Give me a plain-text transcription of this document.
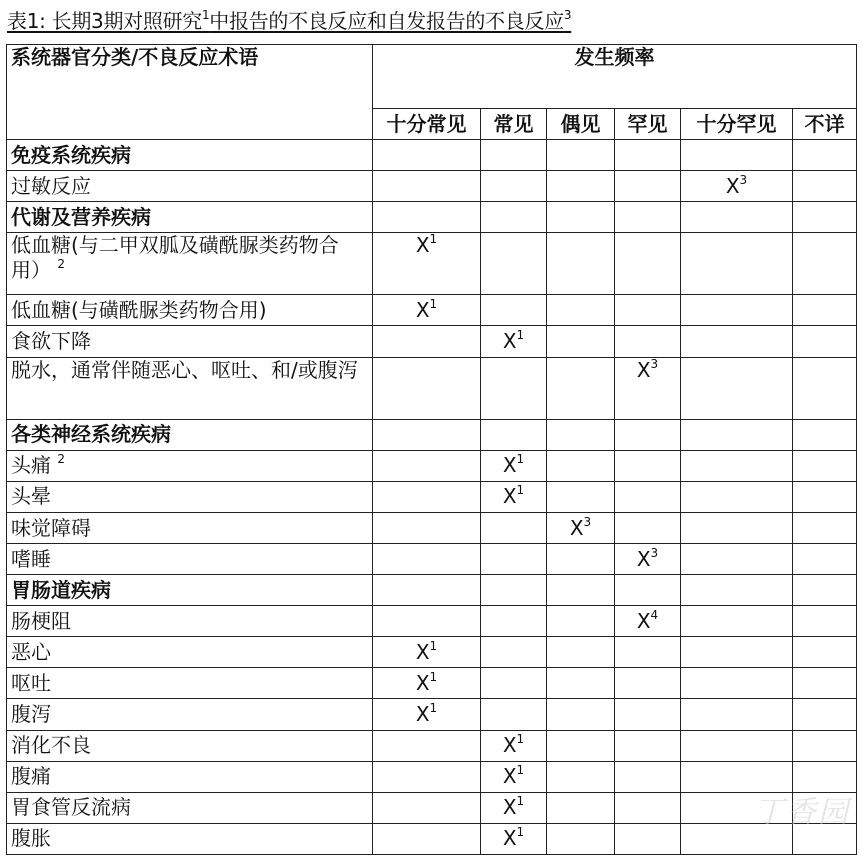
表1: 长期3期对照研究$^1$中报告的不良反应和自发报告的不良反应$^3$
系统器官分类/不良反应术语	发生频率					
	十分常见	常见	偶见	罕见	十分罕见	不详
免疫系统疾病						
过敏反应					$X^3$	
代谢及营养疾病						
低血糖(与二甲双胍及磺酰脲类药物合用） $^2$	$X^1$					
低血糖(与磺酰脲类药物合用)	$X^1$					
食欲下降		$X^1$				
脱水，通常伴随恶心、呕吐、和/或腹泻				$X^3$		
各类神经系统疾病						
头痛 $^2$		$X^1$				
头晕		$X^1$				
味觉障碍			$X^3$			
嗜睡				$X^3$		
胃肠道疾病						
肠梗阻				$X^4$		
恶心	$X^1$					
呕吐	$X^1$					
腹泻	$X^1$					
消化不良		$X^1$				
腹痛		$X^1$				
胃食管反流病		$X^1$				
腹胀		$X^1$				
丁香园
